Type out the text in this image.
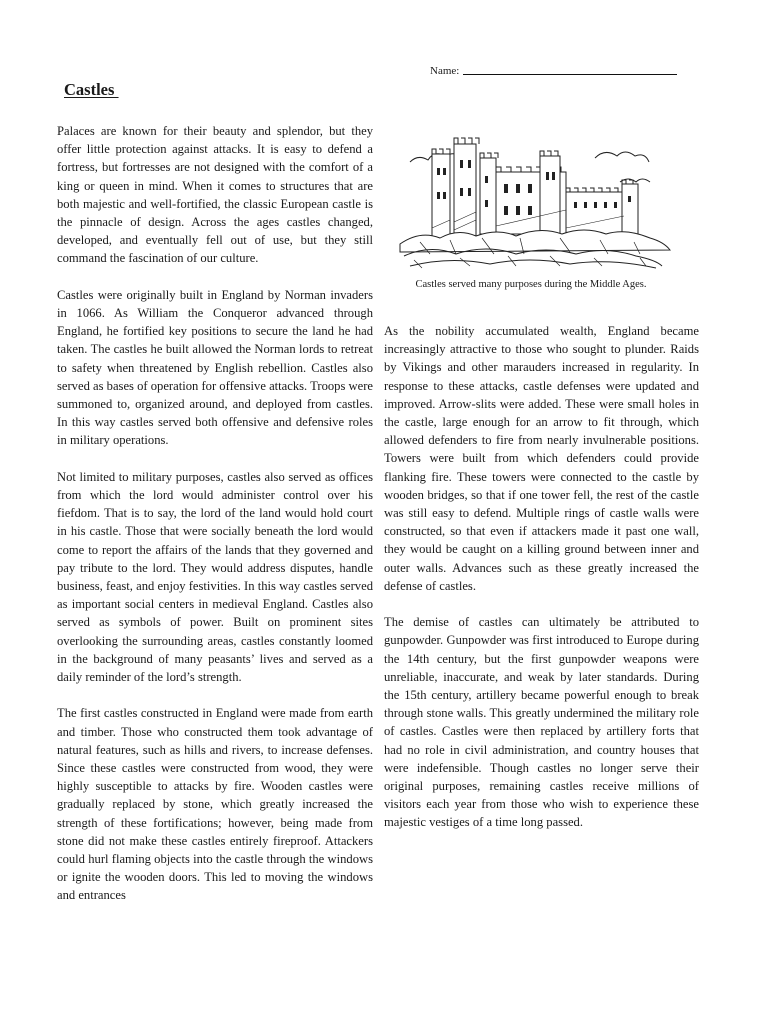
Name:
Castles

Palaces are known for their beauty and splendor, but they offer little protection against attacks. It is easy to defend a fortress, but fortresses are not designed with the comfort of a king or queen in mind. When it comes to structures that are both majestic and well-fortified, the classic European castle is the pinnacle of design. Across the ages castles changed, developed, and eventually fell out of use, but they still command the fascination of our culture.

Castles were originally built in England by Norman invaders in 1066. As William the Conqueror advanced through England, he fortified key positions to secure the land he had taken. The castles he built allowed the Norman lords to retreat to safety when threatened by English rebellion. Castles also served as bases of operation for offensive attacks. Troops were summoned to, organized around, and deployed from castles. In this way castles served both offensive and defensive roles in military operations.

Not limited to military purposes, castles also served as offices from which the lord would administer control over his fiefdom. That is to say, the lord of the land would hold court in his castle. Those that were socially beneath the lord would come to report the affairs of the lands that they governed and pay tribute to the lord. They would address disputes, handle business, feast, and enjoy festivities. In this way castles served as important social centers in medieval England. Castles also served as symbols of power. Built on prominent sites overlooking the surrounding areas, castles constantly loomed in the background of many peasants’ lives and served as a daily reminder of the lord’s strength.

The first castles constructed in England were made from earth and timber. Those who constructed them took advantage of natural features, such as hills and rivers, to increase defenses. Since these castles were constructed from wood, they were highly susceptible to attacks by fire. Wooden castles were gradually replaced by stone, which greatly increased the strength of these fortifications; however, being made from stone did not make these castles entirely fireproof. Attackers could hurl flaming objects into the castle through the windows or ignite the wooden doors. This led to moving the windows and entrances

Castles served many purposes during the Middle Ages.

As the nobility accumulated wealth, England became increasingly attractive to those who sought to plunder. Raids by Vikings and other marauders increased in regularity. In response to these attacks, castle defenses were updated and improved. Arrow-slits were added. These were small holes in the castle, large enough for an arrow to fit through, which allowed defenders to fire from nearly invulnerable positions. Towers were built from which defenders could provide flanking fire. These towers were connected to the castle by wooden bridges, so that if one tower fell, the rest of the castle was still easy to defend. Multiple rings of castle walls were constructed, so that even if attackers made it past one wall, they would be caught on a killing ground between inner and outer walls. Advances such as these greatly increased the defense of castles.

The demise of castles can ultimately be attributed to gunpowder. Gunpowder was first introduced to Europe during the 14th century, but the first gunpowder weapons were unreliable, inaccurate, and weak by later standards. During the 15th century, artillery became powerful enough to break through stone walls. This greatly undermined the military role of castles. Castles were then replaced by artillery forts that had no role in civil administration, and country houses that were indefensible. Though castles no longer serve their original purposes, remaining castles receive millions of visitors each year from those who wish to experience these majestic vestiges of a time long passed.
